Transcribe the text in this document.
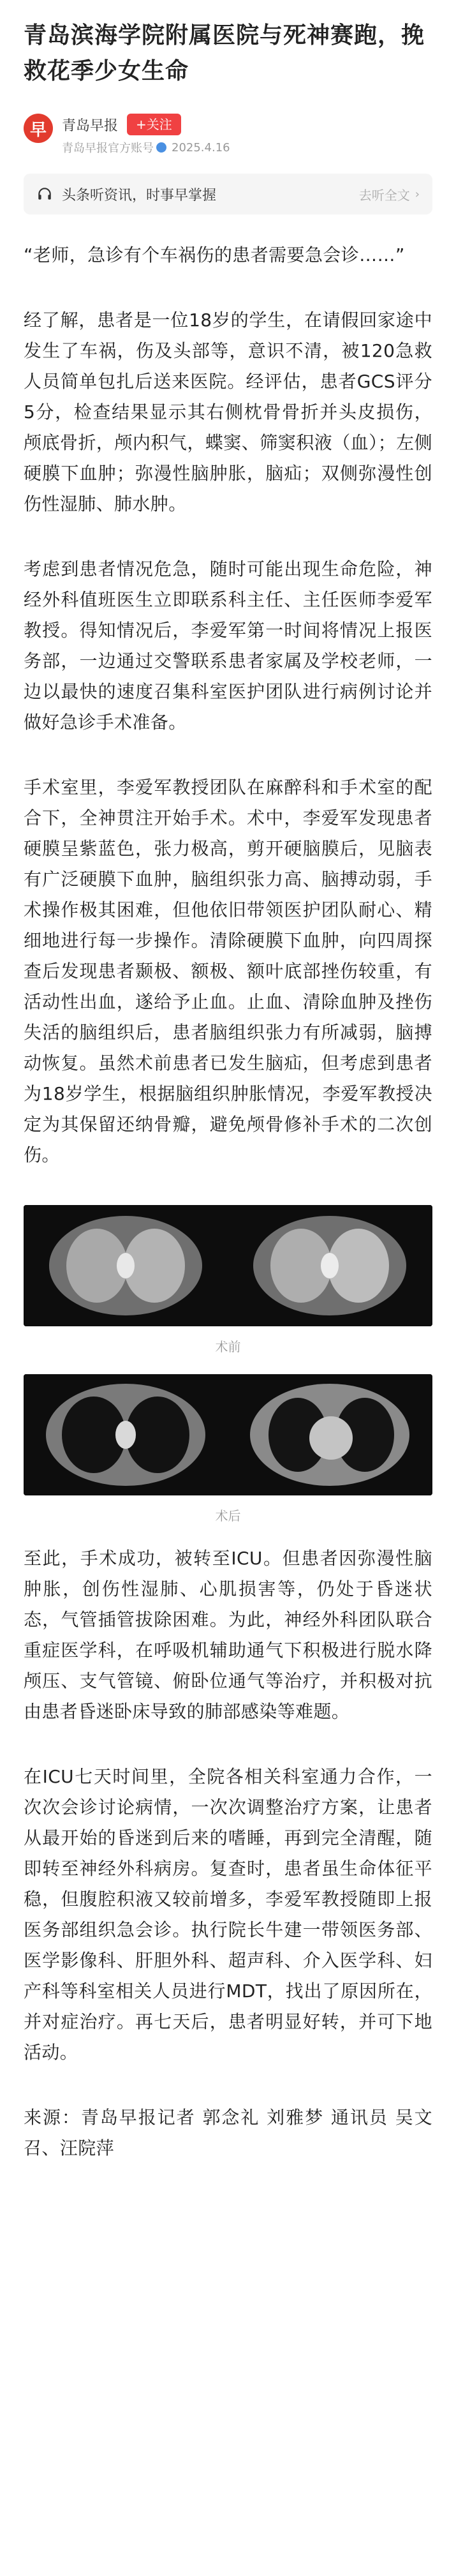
青岛滨海学院附属医院与死神赛跑，挽救花季少女生命
早	青岛早报	+关注
青岛早报官方账号 2025.4.16
头条听资讯，时事早掌握	去听全文 ›

“老师，急诊有个车祸伤的患者需要急会诊……”

经了解，患者是一位18岁的学生，在请假回家途中发生了车祸，伤及头部等，意识不清，被120急救人员简单包扎后送来医院。经评估，患者GCS评分5分，检查结果显示其右侧枕骨骨折并头皮损伤，颅底骨折，颅内积气，蝶窦、筛窦积液（血）；左侧硬膜下血肿；弥漫性脑肿胀，脑疝；双侧弥漫性创伤性湿肺、肺水肿。

考虑到患者情况危急，随时可能出现生命危险，神经外科值班医生立即联系科主任、主任医师李爱军教授。得知情况后，李爱军第一时间将情况上报医务部，一边通过交警联系患者家属及学校老师，一边以最快的速度召集科室医护团队进行病例讨论并做好急诊手术准备。

手术室里，李爱军教授团队在麻醉科和手术室的配合下，全神贯注开始手术。术中，李爱军发现患者硬膜呈紫蓝色，张力极高，剪开硬脑膜后，见脑表有广泛硬膜下血肿，脑组织张力高、脑搏动弱，手术操作极其困难，但他依旧带领医护团队耐心、精细地进行每一步操作。清除硬膜下血肿，向四周探查后发现患者颞极、额极、额叶底部挫伤较重，有活动性出血，遂给予止血。止血、清除血肿及挫伤失活的脑组织后，患者脑组织张力有所减弱，脑搏动恢复。虽然术前患者已发生脑疝，但考虑到患者为18岁学生，根据脑组织肿胀情况，李爱军教授决定为其保留还纳骨瓣，避免颅骨修补手术的二次创伤。

术前
术后

至此，手术成功，被转至ICU。但患者因弥漫性脑肿胀，创伤性湿肺、心肌损害等，仍处于昏迷状态，气管插管拔除困难。为此，神经外科团队联合重症医学科，在呼吸机辅助通气下积极进行脱水降颅压、支气管镜、俯卧位通气等治疗，并积极对抗由患者昏迷卧床导致的肺部感染等难题。

在ICU七天时间里，全院各相关科室通力合作，一次次会诊讨论病情，一次次调整治疗方案，让患者从最开始的昏迷到后来的嗜睡，再到完全清醒，随即转至神经外科病房。复查时，患者虽生命体征平稳，但腹腔积液又较前增多，李爱军教授随即上报医务部组织急会诊。执行院长牛建一带领医务部、医学影像科、肝胆外科、超声科、介入医学科、妇产科等科室相关人员进行MDT，找出了原因所在，并对症治疗。再七天后，患者明显好转，并可下地活动。

来源：青岛早报记者 郭念礼 刘雅梦 通讯员 吴文召、汪院萍
